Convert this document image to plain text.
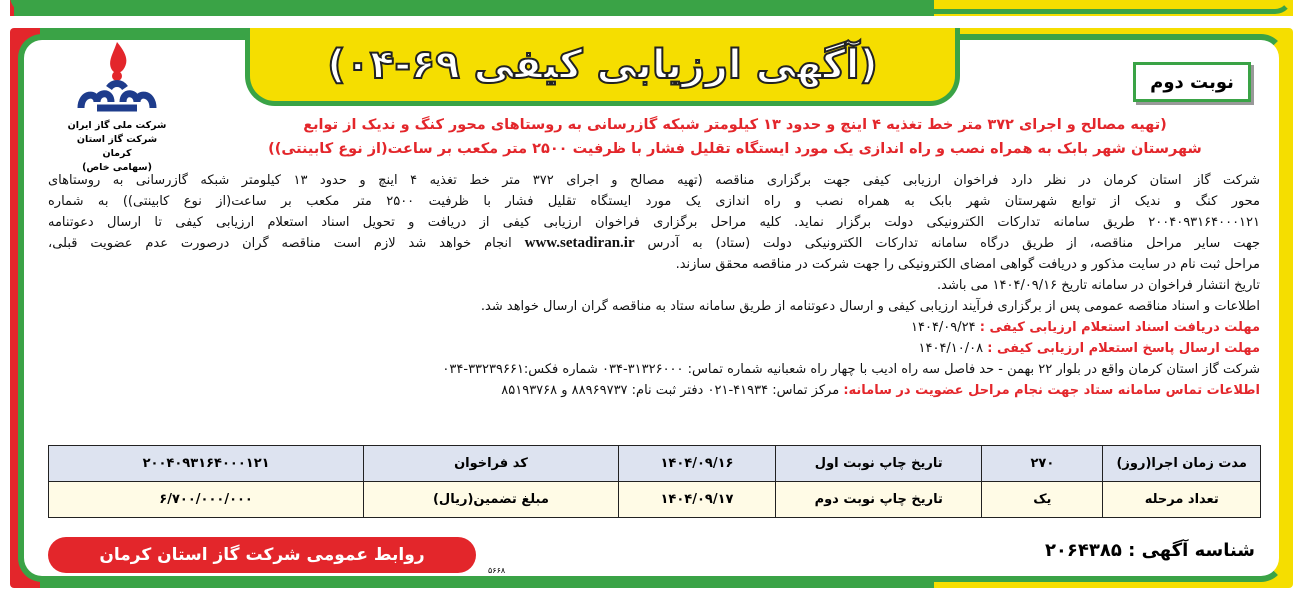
(آگهی ارزیابی کیفی ۶۹-۰۴)
شرکت ملی گاز ایران
شرکت گاز استان کرمان
(سهامی خاص)
نوبت دوم
(تهیه مصالح و اجرای ۳۷۲ متر خط تغذیه ۴ اینچ و حدود ۱۳ کیلومتر شبکه گازرسانی به روستاهای محور کنگ و ندیک از توابع
شهرستان شهر بابک به همراه نصب و راه اندازی یک مورد ایستگاه تقلیل فشار با ظرفیت ۲۵۰۰ متر مکعب بر ساعت(از نوع کابینتی))
شرکت گاز استان کرمان در نظر دارد فراخوان ارزیابی کیفی جهت برگزاری مناقصه (تهیه مصالح و اجرای ۳۷۲ متر خط تغذیه ۴ اینچ و حدود ۱۳ کیلومتر شبکه گازرسانی به روستاهای
محور کنگ و ندیک از توابع شهرستان شهر بابک به همراه نصب و راه اندازی یک مورد ایستگاه تقلیل فشار با ظرفیت ۲۵۰۰ متر مکعب بر ساعت(از نوع کابینتی)) به شماره
۲۰۰۴۰۹۳۱۶۴۰۰۰۱۲۱ طریق سامانه تدارکات الکترونیکی دولت برگزار نماید. کلیه مراحل برگزاری فراخوان ارزیابی کیفی از دریافت و تحویل اسناد استعلام ارزیابی کیفی تا ارسال دعوتنامه
جهت سایر مراحل مناقصه، از طریق درگاه سامانه تدارکات الکترونیکی دولت (ستاد) به آدرس www.setadiran.ir انجام خواهد شد لازم است مناقصه گران درصورت عدم عضویت قبلی،
مراحل ثبت نام در سایت مذکور و دریافت گواهی امضای الکترونیکی را جهت شرکت در مناقصه محقق سازند.
تاریخ انتشار فراخوان در سامانه تاریخ ۱۴۰۴/۰۹/۱۶ می باشد.
اطلاعات و اسناد مناقصه عمومی پس از برگزاری فرآیند ارزیابی کیفی و ارسال دعوتنامه از طریق سامانه ستاد به مناقصه گران ارسال خواهد شد.
مهلت دریافت اسناد استعلام ارزیابی کیفی : ۱۴۰۴/۰۹/۲۴
مهلت ارسال پاسخ استعلام ارزیابی کیفی : ۱۴۰۴/۱۰/۰۸
شرکت گاز استان کرمان واقع در بلوار ۲۲ بهمن - حد فاصل سه راه ادیب با چهار راه شعبانیه شماره تماس: ۳۱۳۲۶۰۰۰-۰۳۴ شماره فکس:۳۳۲۳۹۶۶۱-۰۳۴
اطلاعات تماس سامانه ستاد جهت نجام مراحل عضویت در سامانه: مرکز تماس: ۴۱۹۳۴-۰۲۱ دفتر ثبت نام: ۸۸۹۶۹۷۳۷ و ۸۵۱۹۳۷۶۸
مدت زمان اجرا(روز)	۲۷۰	تاریخ چاپ نوبت اول	۱۴۰۴/۰۹/۱۶	کد فراخوان	۲۰۰۴۰۹۳۱۶۴۰۰۰۱۲۱
تعداد مرحله	یک	تاریخ چاپ نوبت دوم	۱۴۰۴/۰۹/۱۷	مبلغ تضمین(ریال)	۶/۷۰۰/۰۰۰/۰۰۰
روابط عمومی شرکت گاز استان کرمان	شناسه آگهی : ۲۰۶۴۳۸۵
۵۶۶۸
